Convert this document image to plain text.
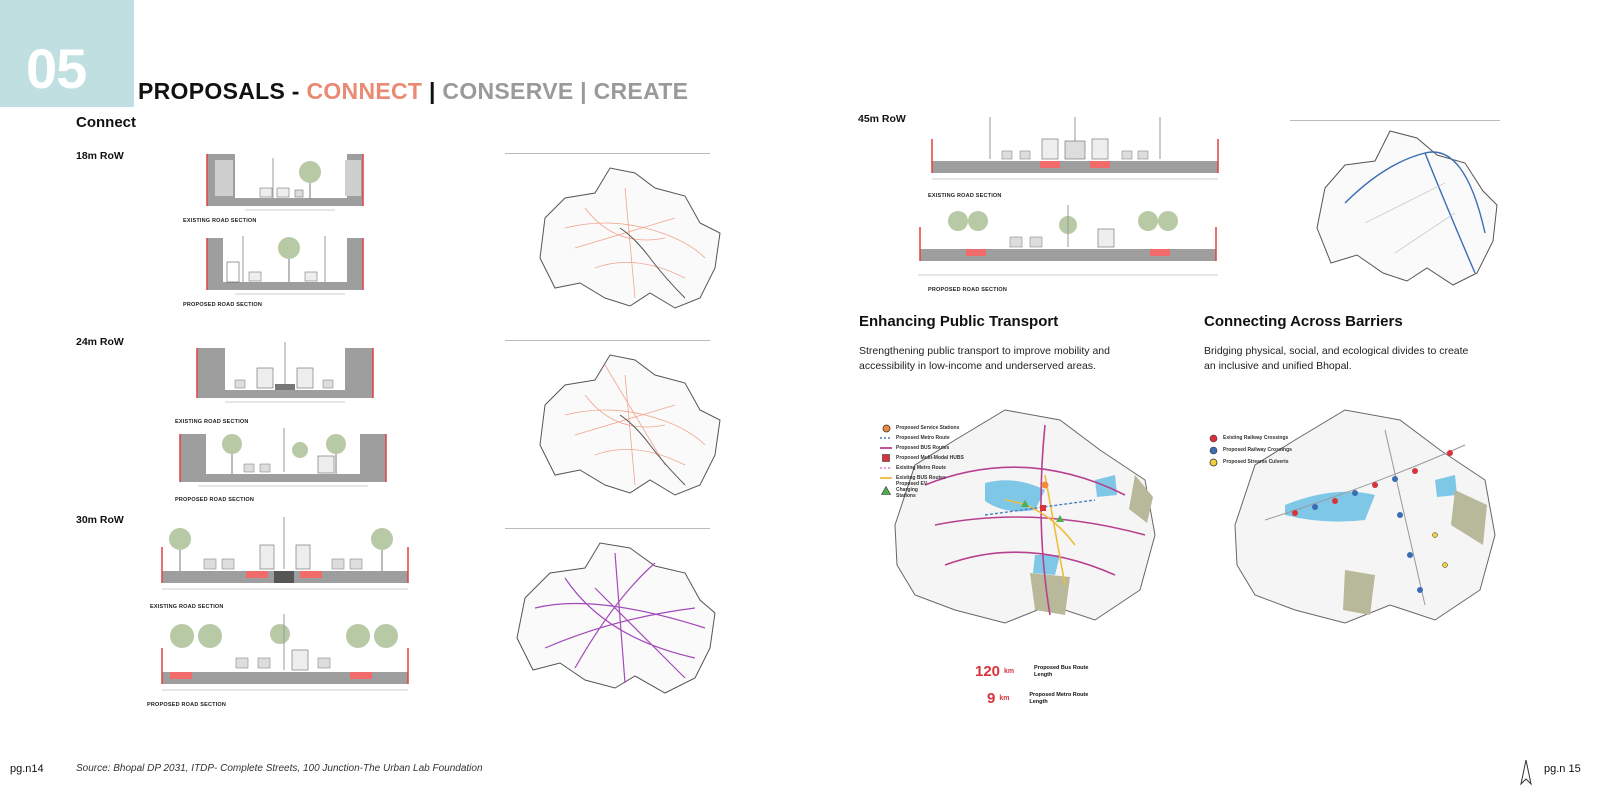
05 PROPOSALS - CONNECT | CONSERVE | CREATE
Connect
18m RoW
EXISTING ROAD SECTION
PROPOSED ROAD SECTION
24m RoW
EXISTING ROAD SECTION
PROPOSED ROAD SECTION
30m RoW
EXISTING ROAD SECTION
PROPOSED ROAD SECTION
45m RoW
EXISTING ROAD SECTION
PROPOSED ROAD SECTION
Enhancing Public Transport
Strengthening public transport to improve mobility and accessibility in low-income and underserved areas.
Connecting Across Barriers
Bridging physical, social, and ecological divides to create an inclusive and unified Bhopal.
Proposed Service Stations
Proposed Metro Route
Proposed BUS Routes
Proposed Multi-Modal HUBS
Existing Metro Route
Existing BUS Routes
Proposed EV Charging Stations
120 km
Proposed Bus Route Length
9 km
Proposed Metro Route Length
Existing Railway Crossings
Proposed Railway Crossings
Proposed Streams Culverts
pg.n14	Source: Bhopal DP 2031, ITDP- Complete Streets, 100 Junction-The Urban Lab Foundation	pg.n 15
